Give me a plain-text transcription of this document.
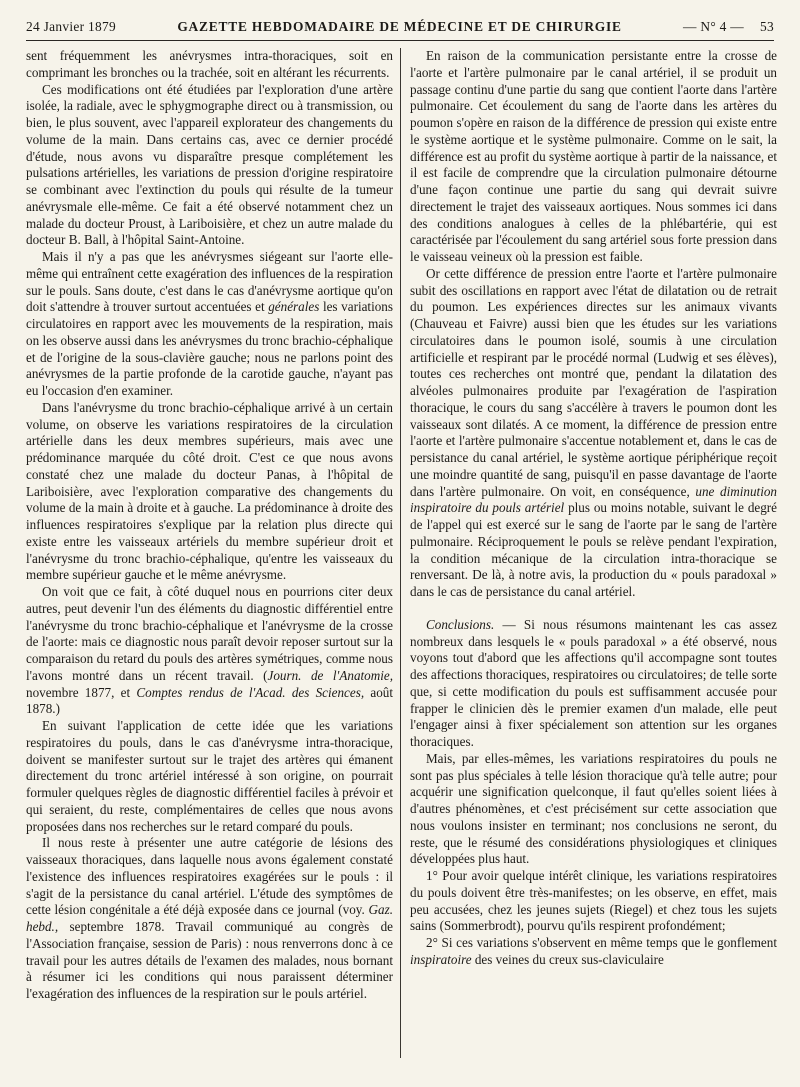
24 Janvier 1879	GAZETTE HEBDOMADAIRE DE MÉDECINE ET DE CHIRURGIE	— N° 4 — 53

sent fréquemment les anévrysmes intra-thoraciques, soit en comprimant les bronches ou la trachée, soit en altérant les récurrents.

Ces modifications ont été étudiées par l'exploration d'une artère isolée, la radiale, avec le sphygmographe direct ou à transmission, ou bien, le plus souvent, avec l'appareil explorateur des changements du volume de la main. Dans certains cas, avec ce dernier procédé d'étude, nous avons vu disparaître presque complétement les pulsations artérielles, les variations de pression d'origine respiratoire se combinant avec l'extinction du pouls qui résulte de la tumeur anévrysmale elle-même. Ce fait a été observé notamment chez un malade du docteur Proust, à Lariboisière, et chez un autre malade du docteur B. Ball, à l'hôpital Saint-Antoine.

Mais il n'y a pas que les anévrysmes siégeant sur l'aorte elle-même qui entraînent cette exagération des influences de la respiration sur le pouls. Sans doute, c'est dans le cas d'anévrysme aortique qu'on doit s'attendre à trouver surtout accentuées et générales les variations circulatoires en rapport avec les mouvements de la respiration, mais on les observe aussi dans les anévrysmes du tronc brachio-céphalique et de l'origine de la sous-clavière gauche; nous ne parlons point des anévrysmes de la partie profonde de la carotide gauche, n'ayant pas eu l'occasion d'en examiner.

Dans l'anévrysme du tronc brachio-céphalique arrivé à un certain volume, on observe les variations respiratoires de la circulation artérielle dans les deux membres supérieurs, mais avec une prédominance marquée du côté droit. C'est ce que nous avons constaté chez une malade du docteur Panas, à l'hôpital de Lariboisière, avec l'exploration comparative des changements du volume de la main à droite et à gauche. La prédominance à droite des influences respiratoires s'explique par la relation plus directe qui existe entre les vaisseaux artériels du membre supérieur droit et l'anévrysme du tronc brachio-céphalique, qu'entre les vaisseaux du membre supérieur gauche et le même anévrysme.

On voit que ce fait, à côté duquel nous en pourrions citer deux autres, peut devenir l'un des éléments du diagnostic différentiel entre l'anévrysme du tronc brachio-céphalique et l'anévrysme de la crosse de l'aorte: mais ce diagnostic nous paraît devoir reposer surtout sur la comparaison du retard du pouls des artères symétriques, comme nous l'avons montré dans un récent travail. (Journ. de l'Anatomie, novembre 1877, et Comptes rendus de l'Acad. des Sciences, août 1878.)

En suivant l'application de cette idée que les variations respiratoires du pouls, dans le cas d'anévrysme intra-thoracique, doivent se manifester surtout sur le trajet des artères qui émanent directement du tronc artériel intéressé à son origine, on pourrait formuler quelques règles de diagnostic différentiel faciles à prévoir et qui seraient, du reste, complémentaires de celles que nous avons proposées dans nos recherches sur le retard comparé du pouls.

Il nous reste à présenter une autre catégorie de lésions des vaisseaux thoraciques, dans laquelle nous avons également constaté l'existence des influences respiratoires exagérées sur le pouls : il s'agit de la persistance du canal artériel. L'étude des symptômes de cette lésion congénitale a été déjà exposée dans ce journal (voy. Gaz. hebd., septembre 1878. Travail communiqué au congrès de l'Association française, session de Paris) : nous renverrons donc à ce travail pour les autres détails de l'examen des malades, nous bornant à résumer ici les conditions qui nous paraissent déterminer l'exagération des influences de la respiration sur le pouls artériel.

En raison de la communication persistante entre la crosse de l'aorte et l'artère pulmonaire par le canal artériel, il se produit un passage continu d'une partie du sang que contient l'aorte dans l'artère pulmonaire. Cet écoulement du sang de l'aorte dans les artères du poumon s'opère en raison de la différence de pression qui existe entre le système aortique et le système pulmonaire. Comme on le sait, la différence est au profit du système aortique à partir de la naissance, et il est facile de comprendre que la circulation pulmonaire détourne d'une façon continue une partie du sang qui devrait suivre directement le trajet des vaisseaux aortiques. Nous sommes ici dans des conditions analogues à celles de la phlébartérie, qui est caractérisée par l'écoulement du sang artériel sous forte pression dans le vaisseau veineux où la pression est faible.

Or cette différence de pression entre l'aorte et l'artère pulmonaire subit des oscillations en rapport avec l'état de dilatation ou de retrait du poumon. Les expériences directes sur les animaux vivants (Chauveau et Faivre) aussi bien que les études sur les variations circulatoires dans le poumon isolé, soumis à une circulation artificielle et respirant par le procédé normal (Ludwig et ses élèves), toutes ces recherches ont montré que, pendant la dilatation des alvéoles pulmonaires produite par l'exagération de l'aspiration thoracique, le cours du sang s'accélère à travers le poumon dont les vaisseaux sont dilatés. A ce moment, la différence de pression entre l'aorte et l'artère pulmonaire s'accentue notablement et, dans le cas de persistance du canal artériel, le système aortique périphérique reçoit une moindre quantité de sang, puisqu'il en passe davantage de l'aorte dans l'artère pulmonaire. On voit, en conséquence, une diminution inspiratoire du pouls artériel plus ou moins notable, suivant le degré de l'appel qui est exercé sur le sang de l'aorte par le sang de l'artère pulmonaire. Réciproquement le pouls se relève pendant l'expiration, la condition mécanique de la circulation intra-thoracique se renversant. De là, à notre avis, la production du « pouls paradoxal » dans le cas de persistance du canal artériel.

Conclusions. — Si nous résumons maintenant les cas assez nombreux dans lesquels le « pouls paradoxal » a été observé, nous voyons tout d'abord que les affections qu'il accompagne sont toutes des affections thoraciques, respiratoires ou circulatoires; de telle sorte que, si cette modification du pouls est suffisamment accusée pour frapper le clinicien dès le premier examen d'un malade, elle peut l'engager ainsi à fixer spécialement son attention sur les organes thoraciques.

Mais, par elles-mêmes, les variations respiratoires du pouls ne sont pas plus spéciales à telle lésion thoracique qu'à telle autre; pour acquérir une signification quelconque, il faut qu'elles soient liées à d'autres phénomènes, et c'est précisément sur cette association que nous voulons insister en terminant; nos conclusions ne seront, du reste, que le résumé des considérations physiologiques et cliniques développées plus haut.

1° Pour avoir quelque intérêt clinique, les variations respiratoires du pouls doivent être très-manifestes; on les observe, en effet, mais peu accusées, chez les jeunes sujets (Riegel) et chez tous les sujets sains (Sommerbrodt), pourvu qu'ils respirent profondément;

2° Si ces variations s'observent en même temps que le gonflement inspiratoire des veines du creux sus-claviculaire
